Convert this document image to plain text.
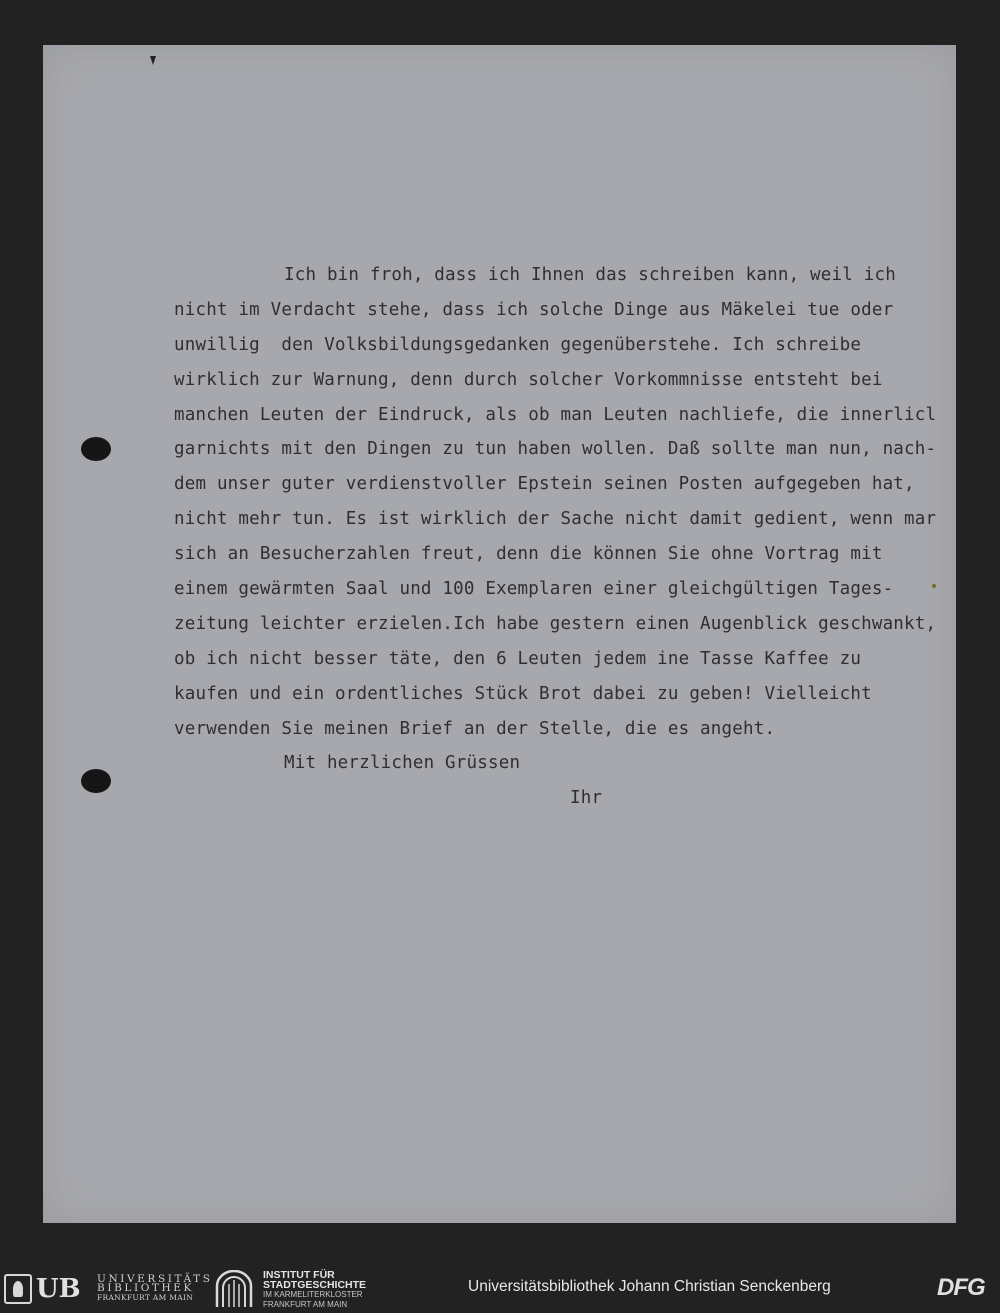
Ich bin froh, dass ich Ihnen das schreiben kann, weil ich
nicht im Verdacht stehe, dass ich solche Dinge aus Mäkelei tue oder
unwillig  den Volksbildungsgedanken gegenüberstehe. Ich schreibe
wirklich zur Warnung, denn durch solcher Vorkommnisse entsteht bei
manchen Leuten der Eindruck, als ob man Leuten nachliefe, die innerlicl
garnichts mit den Dingen zu tun haben wollen. Daß sollte man nun, nach-
dem unser guter verdienstvoller Epstein seinen Posten aufgegeben hat,
nicht mehr tun. Es ist wirklich der Sache nicht damit gedient, wenn mar
sich an Besucherzahlen freut, denn die können Sie ohne Vortrag mit
einem gewärmten Saal und 100 Exemplaren einer gleichgültigen Tages-
zeitung leichter erzielen.Ich habe gestern einen Augenblick geschwankt,
ob ich nicht besser täte, den 6 Leuten jedem ine Tasse Kaffee zu
kaufen und ein ordentliches Stück Brot dabei zu geben! Vielleicht
verwenden Sie meinen Brief an der Stelle, die es angeht.
Mit herzlichen Grüssen
Ihr
UB UNIVERSITÄTS
BIBLIOTHEK
FRANKFURT AM MAIN
INSTITUT FÜR
STADTGESCHICHTE
IM KARMELITERKLOSTER
FRANKFURT AM MAIN
Universitätsbibliothek Johann Christian Senckenberg	DFG
